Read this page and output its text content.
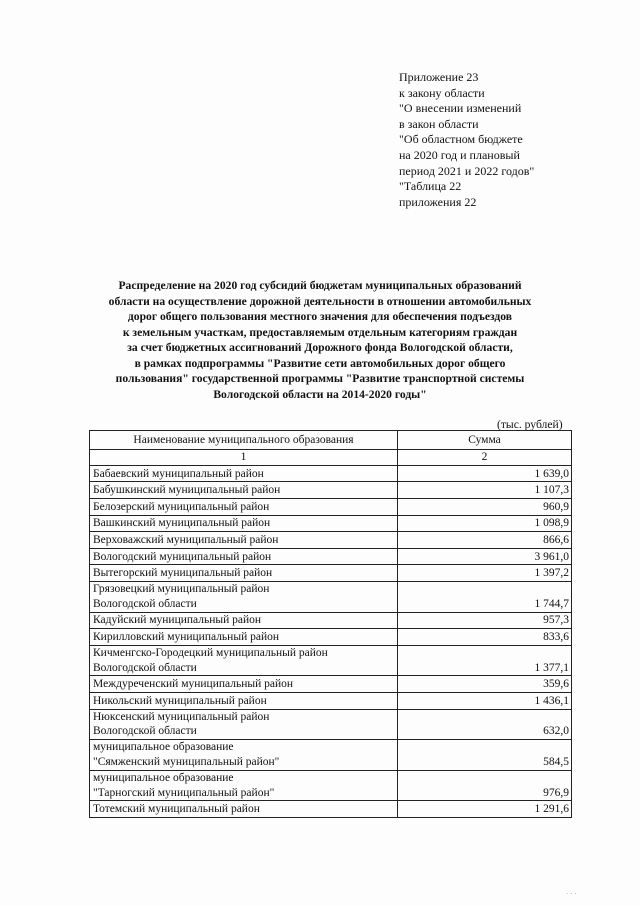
Приложение 23
к закону области
"О внесении изменений
в закон области
"Об областном бюджете
на 2020 год и плановый
период 2021 и 2022 годов"
"Таблица 22
приложения 22
Распределение на 2020 год субсидий бюджетам муниципальных образований
области на осуществление дорожной деятельности в отношении автомобильных
дорог общего пользования местного значения для обеспечения подъездов
к земельным участкам, предоставляемым отдельным категориям граждан
за счет бюджетных ассигнований Дорожного фонда Вологодской области,
в рамках подпрограммы "Развитие сети автомобильных дорог общего
пользования" государственной программы "Развитие транспортной системы
Вологодской области на 2014-2020 годы"
(тыс. рублей)
Наименование муниципального образования	Сумма
1	2

Бабаевский муниципальный район	1 639,0

Бабушкинский муниципальный район	1 107,3

Белозерский муниципальный район	960,9

Вашкинский муниципальный район	1 098,9

Верховажский муниципальный район	866,6

Вологодский муниципальный район	3 961,0

Вытегорский муниципальный район	1 397,2

Грязовецкий муниципальный район
Вологодской области	1 744,7

Кадуйский муниципальный район	957,3

Кирилловский муниципальный район	833,6

Кичменгско-Городецкий муниципальный район
Вологодской области	1 377,1

Междуреченский муниципальный район	359,6

Никольский муниципальный район	1 436,1

Нюксенский муниципальный район
Вологодской области	632,0

муниципальное образование
"Сямженский муниципальный район"	584,5

муниципальное образование
"Тарногский муниципальный район"	976,9

Тотемский муниципальный район	1 291,6
· · ·
